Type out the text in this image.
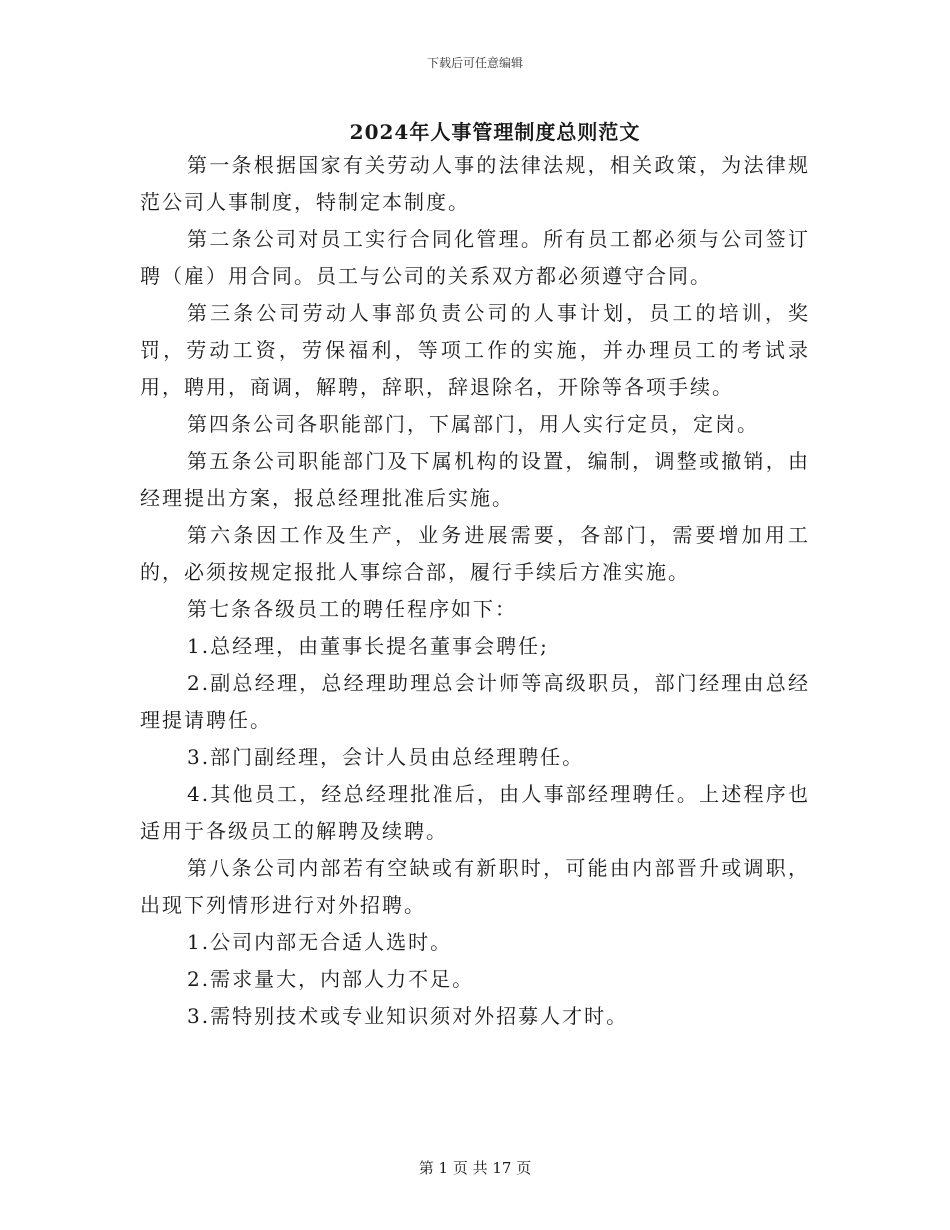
下载后可任意编辑
2024年人事管理制度总则范文

第一条根据国家有关劳动人事的法律法规，相关政策，为法律规范公司人事制度，特制定本制度。

第二条公司对员工实行合同化管理。所有员工都必须与公司签订聘（雇）用合同。员工与公司的关系双方都必须遵守合同。

第三条公司劳动人事部负责公司的人事计划，员工的培训，奖罚，劳动工资，劳保福利，等项工作的实施，并办理员工的考试录用，聘用，商调，解聘，辞职，辞退除名，开除等各项手续。

第四条公司各职能部门，下属部门，用人实行定员，定岗。

第五条公司职能部门及下属机构的设置，编制，调整或撤销，由经理提出方案，报总经理批准后实施。

第六条因工作及生产，业务进展需要，各部门，需要增加用工的，必须按规定报批人事综合部，履行手续后方准实施。

第七条各级员工的聘任程序如下：

1.总经理，由董事长提名董事会聘任;

2.副总经理，总经理助理总会计师等高级职员，部门经理由总经理提请聘任。

3.部门副经理，会计人员由总经理聘任。

4.其他员工，经总经理批准后，由人事部经理聘任。上述程序也适用于各级员工的解聘及续聘。

第八条公司内部若有空缺或有新职时，可能由内部晋升或调职，出现下列情形进行对外招聘。

1.公司内部无合适人选时。

2.需求量大，内部人力不足。

3.需特别技术或专业知识须对外招募人才时。

第 1 页 共 17 页
